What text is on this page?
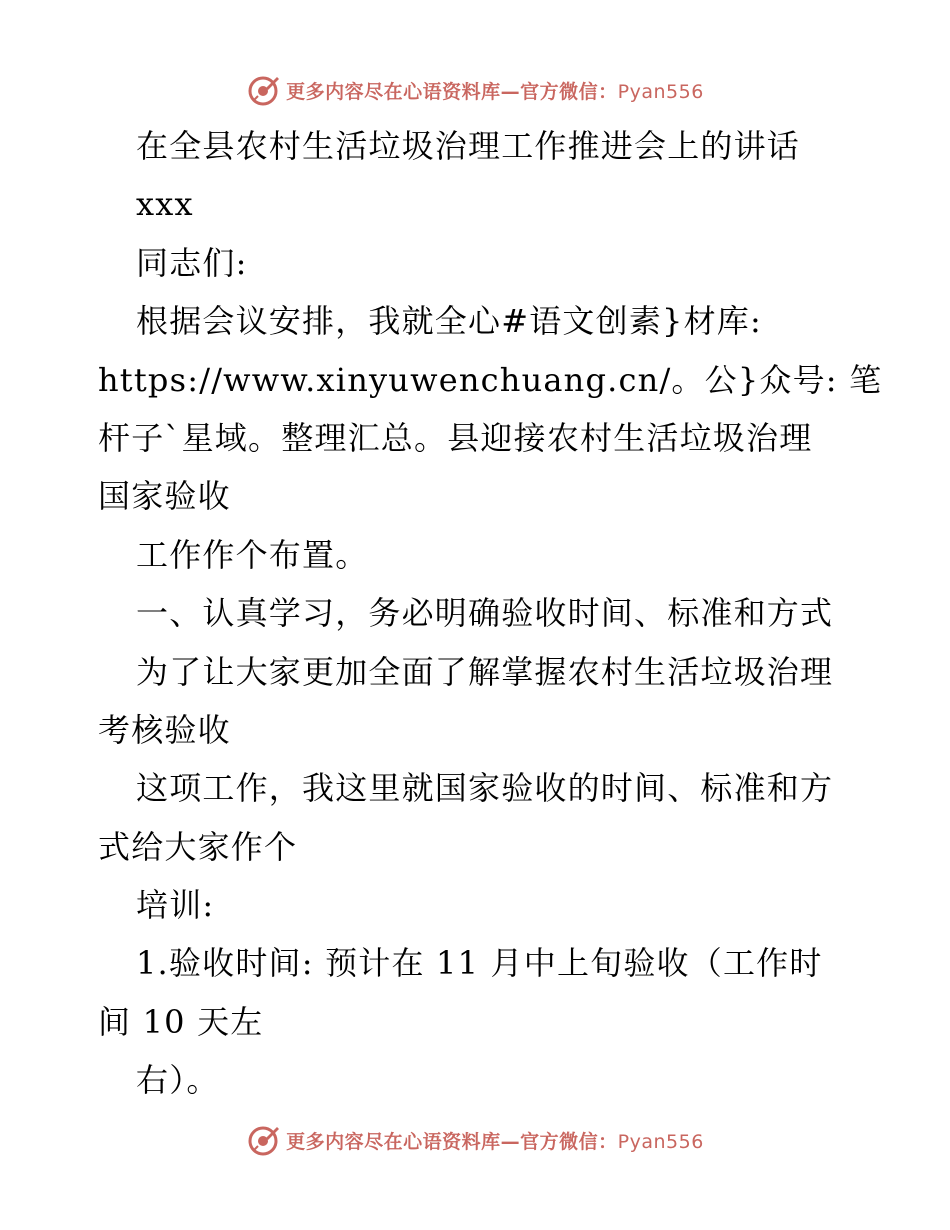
更多内容尽在心语资料库—官方微信：Pyan556
在全县农村生活垃圾治理工作推进会上的讲话
xxx
同志们:
根据会议安排，我就全心#语文创素}材库:
https://www.xinyuwenchuang.cn/。公}众号: 笔
杆子`星域。整理汇总。县迎接农村生活垃圾治理
国家验收
工作作个布置。
一、认真学习，务必明确验收时间、标准和方式
为了让大家更加全面了解掌握农村生活垃圾治理
考核验收
这项工作，我这里就国家验收的时间、标准和方
式给大家作个
培训:
1.验收时间: 预计在 11 月中上旬验收（工作时
间 10 天左
右）。
更多内容尽在心语资料库—官方微信：Pyan556
